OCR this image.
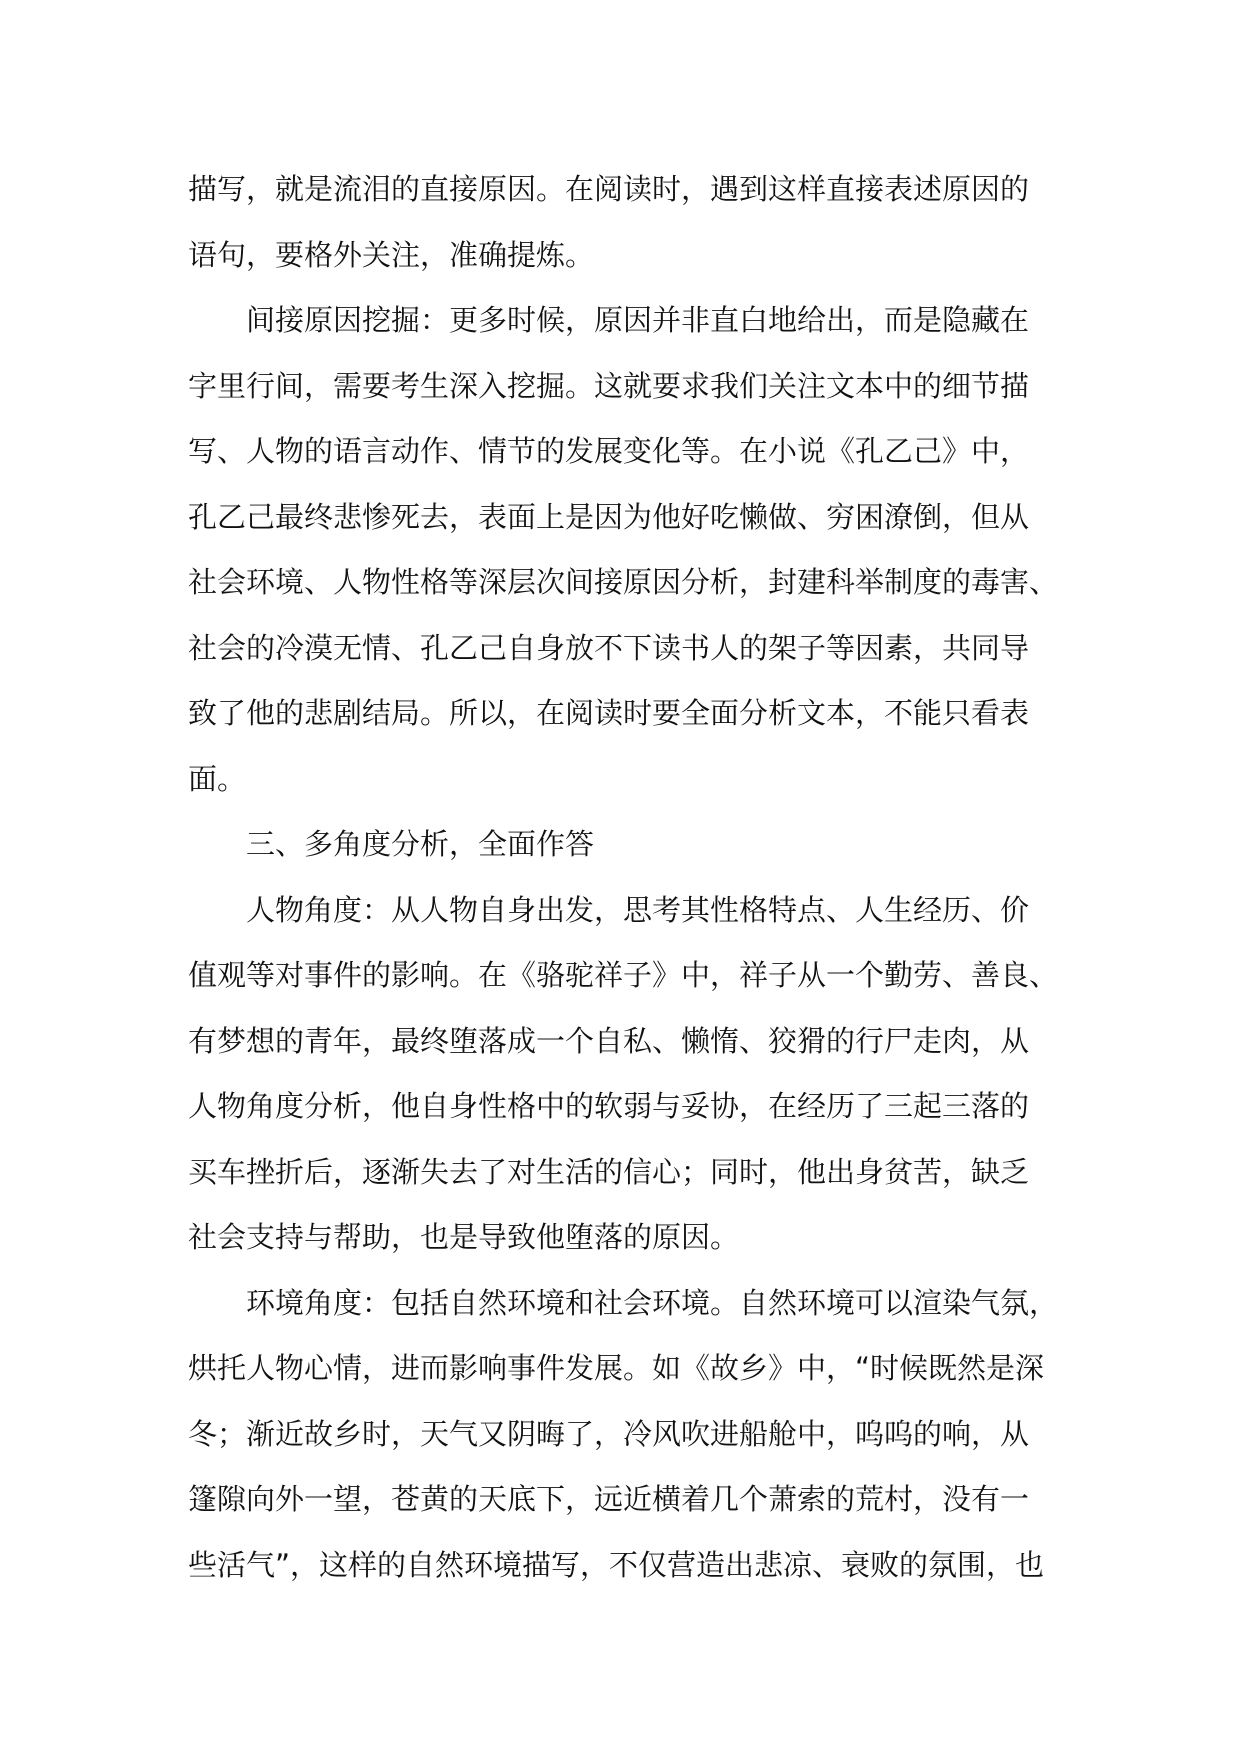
描写，就是流泪的直接原因。在阅读时，遇到这样直接表述原因的
语句，要格外关注，准确提炼。
间接原因挖掘：更多时候，原因并非直白地给出，而是隐藏在
字里行间，需要考生深入挖掘。这就要求我们关注文本中的细节描
写、人物的语言动作、情节的发展变化等。在小说《孔乙己》中，
孔乙己最终悲惨死去，表面上是因为他好吃懒做、穷困潦倒，但从
社会环境、人物性格等深层次间接原因分析，封建科举制度的毒害、
社会的冷漠无情、孔乙己自身放不下读书人的架子等因素，共同导
致了他的悲剧结局。所以，在阅读时要全面分析文本，不能只看表
面。
三、多角度分析，全面作答
人物角度：从人物自身出发，思考其性格特点、人生经历、价
值观等对事件的影响。在《骆驼祥子》中，祥子从一个勤劳、善良、
有梦想的青年，最终堕落成一个自私、懒惰、狡猾的行尸走肉，从
人物角度分析，他自身性格中的软弱与妥协，在经历了三起三落的
买车挫折后，逐渐失去了对生活的信心；同时，他出身贫苦，缺乏
社会支持与帮助，也是导致他堕落的原因。
环境角度：包括自然环境和社会环境。自然环境可以渲染气氛，
烘托人物心情，进而影响事件发展。如《故乡》中，“时候既然是深
冬；渐近故乡时，天气又阴晦了，冷风吹进船舱中，呜呜的响，从
篷隙向外一望，苍黄的天底下，远近横着几个萧索的荒村，没有一
些活气”，这样的自然环境描写，不仅营造出悲凉、衰败的氛围，也
